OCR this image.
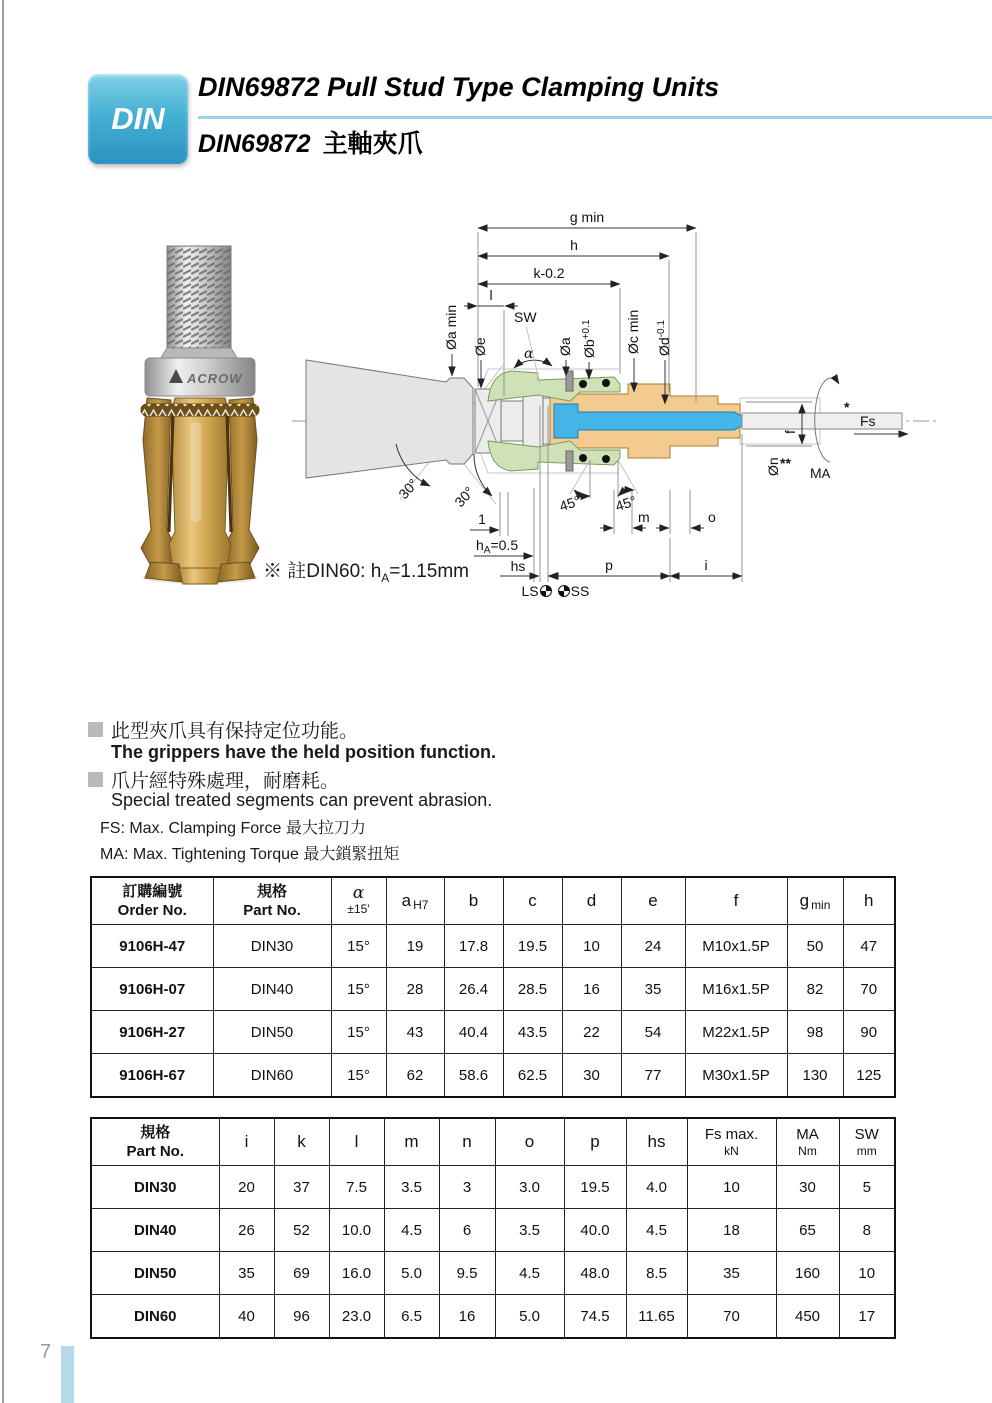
DIN
DIN69872 Pull Stud Type Clamping Units
DIN69872 主軸夾爪
ACROW
g min
h
k-0.2
l
Øa min Øe
SW
α Øa $Øb^{+0.1}$	Øc $\min Ød^{-0.1}$
30° 30°	45° 45°
1	m	o
$h_A=0.5$
hs	p	i
LS SS
f
Øn
*
Fs
**
MA
※ 註DIN60: $h_A=1.15mm$
此型夾爪具有保持定位功能。
The grippers have the held position function.
爪片經特殊處理，耐磨耗。
Special treated segments can prevent abrasion.
FS: Max. Clamping Force 最大拉刀力
MA: Max. Tightening Torque 最大鎖緊扭矩
訂購編號
Order No.

規格
Part No.

α
±15'	a H7	b	c	d	e	f	g min	h
9106H-47	DIN30	15°	19	17.8	19.5	10	24	M10x1.5P	50	47
9106H-07	DIN40	15°	28	26.4	28.5	16	35	M16x1.5P	82	70
9106H-27	DIN50	15°	43	40.4	43.5	22	54	M22x1.5P	98	90
9106H-67	DIN60	15°	62	58.6	62.5	30	77	M30x1.5P	130	125
規格
Part No.
	i	k	l	m	n	o	p	hs	Fs max.
kN

MA
Nm

SW
mm

DIN30	20	37	7.5	3.5	3	3.0	19.5	4.0	10	30	5
DIN40	26	52	10.0	4.5	6	3.5	40.0	4.5	18	65	8
DIN50	35	69	16.0	5.0	9.5	4.5	48.0	8.5	35	160	10
DIN60	40	96	23.0	6.5	16	5.0	74.5	11.65	70	450	17
7
